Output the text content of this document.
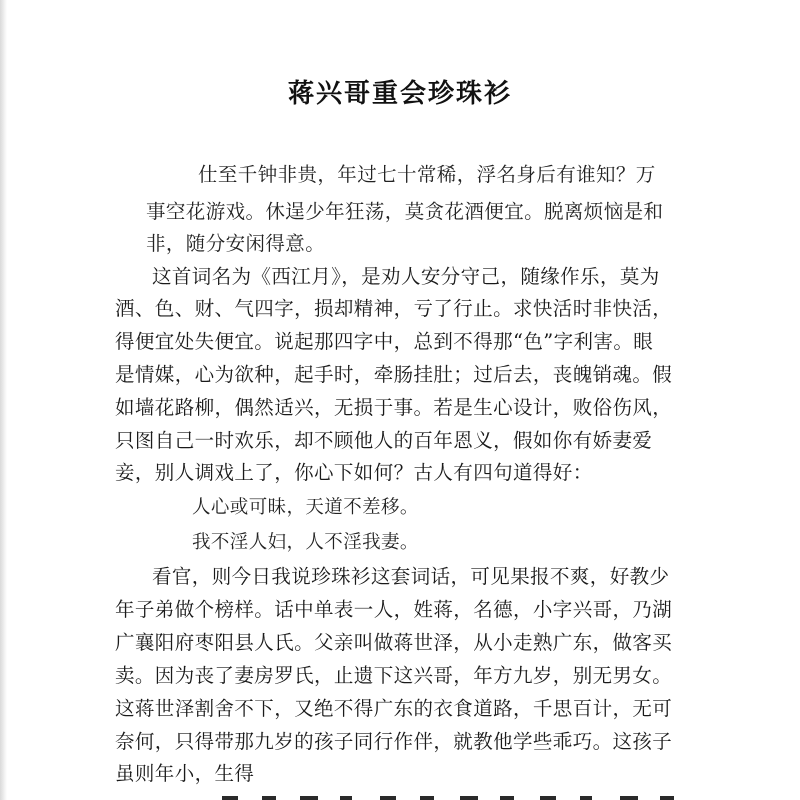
蒋兴哥重会珍珠衫

仕至千钟非贵，年过七十常稀，浮名身后有谁知？万

事空花游戏。休逞少年狂荡，莫贪花酒便宜。脱离烦恼是和

非，随分安闲得意。

这首词名为《西江月》，是劝人安分守己，随缘作乐，莫为

酒、色、财、气四字，损却精神，亏了行止。求快活时非快活，

得便宜处失便宜。说起那四字中，总到不得那“色”字利害。眼

是情媒，心为欲种，起手时，牵肠挂肚；过后去，丧魄销魂。假

如墙花路柳，偶然适兴，无损于事。若是生心设计，败俗伤风，

只图自己一时欢乐，却不顾他人的百年恩义，假如你有娇妻爱

妾，别人调戏上了，你心下如何？古人有四句道得好：

人心或可昧，天道不差移。

我不淫人妇，人不淫我妻。

看官，则今日我说珍珠衫这套词话，可见果报不爽，好教少

年子弟做个榜样。话中单表一人，姓蒋，名德，小字兴哥，乃湖

广襄阳府枣阳县人氏。父亲叫做蒋世泽，从小走熟广东，做客买

卖。因为丧了妻房罗氏，止遗下这兴哥，年方九岁，别无男女。

这蒋世泽割舍不下，又绝不得广东的衣食道路，千思百计，无可

奈何，只得带那九岁的孩子同行作伴，就教他学些乖巧。这孩子

虽则年小，生得
